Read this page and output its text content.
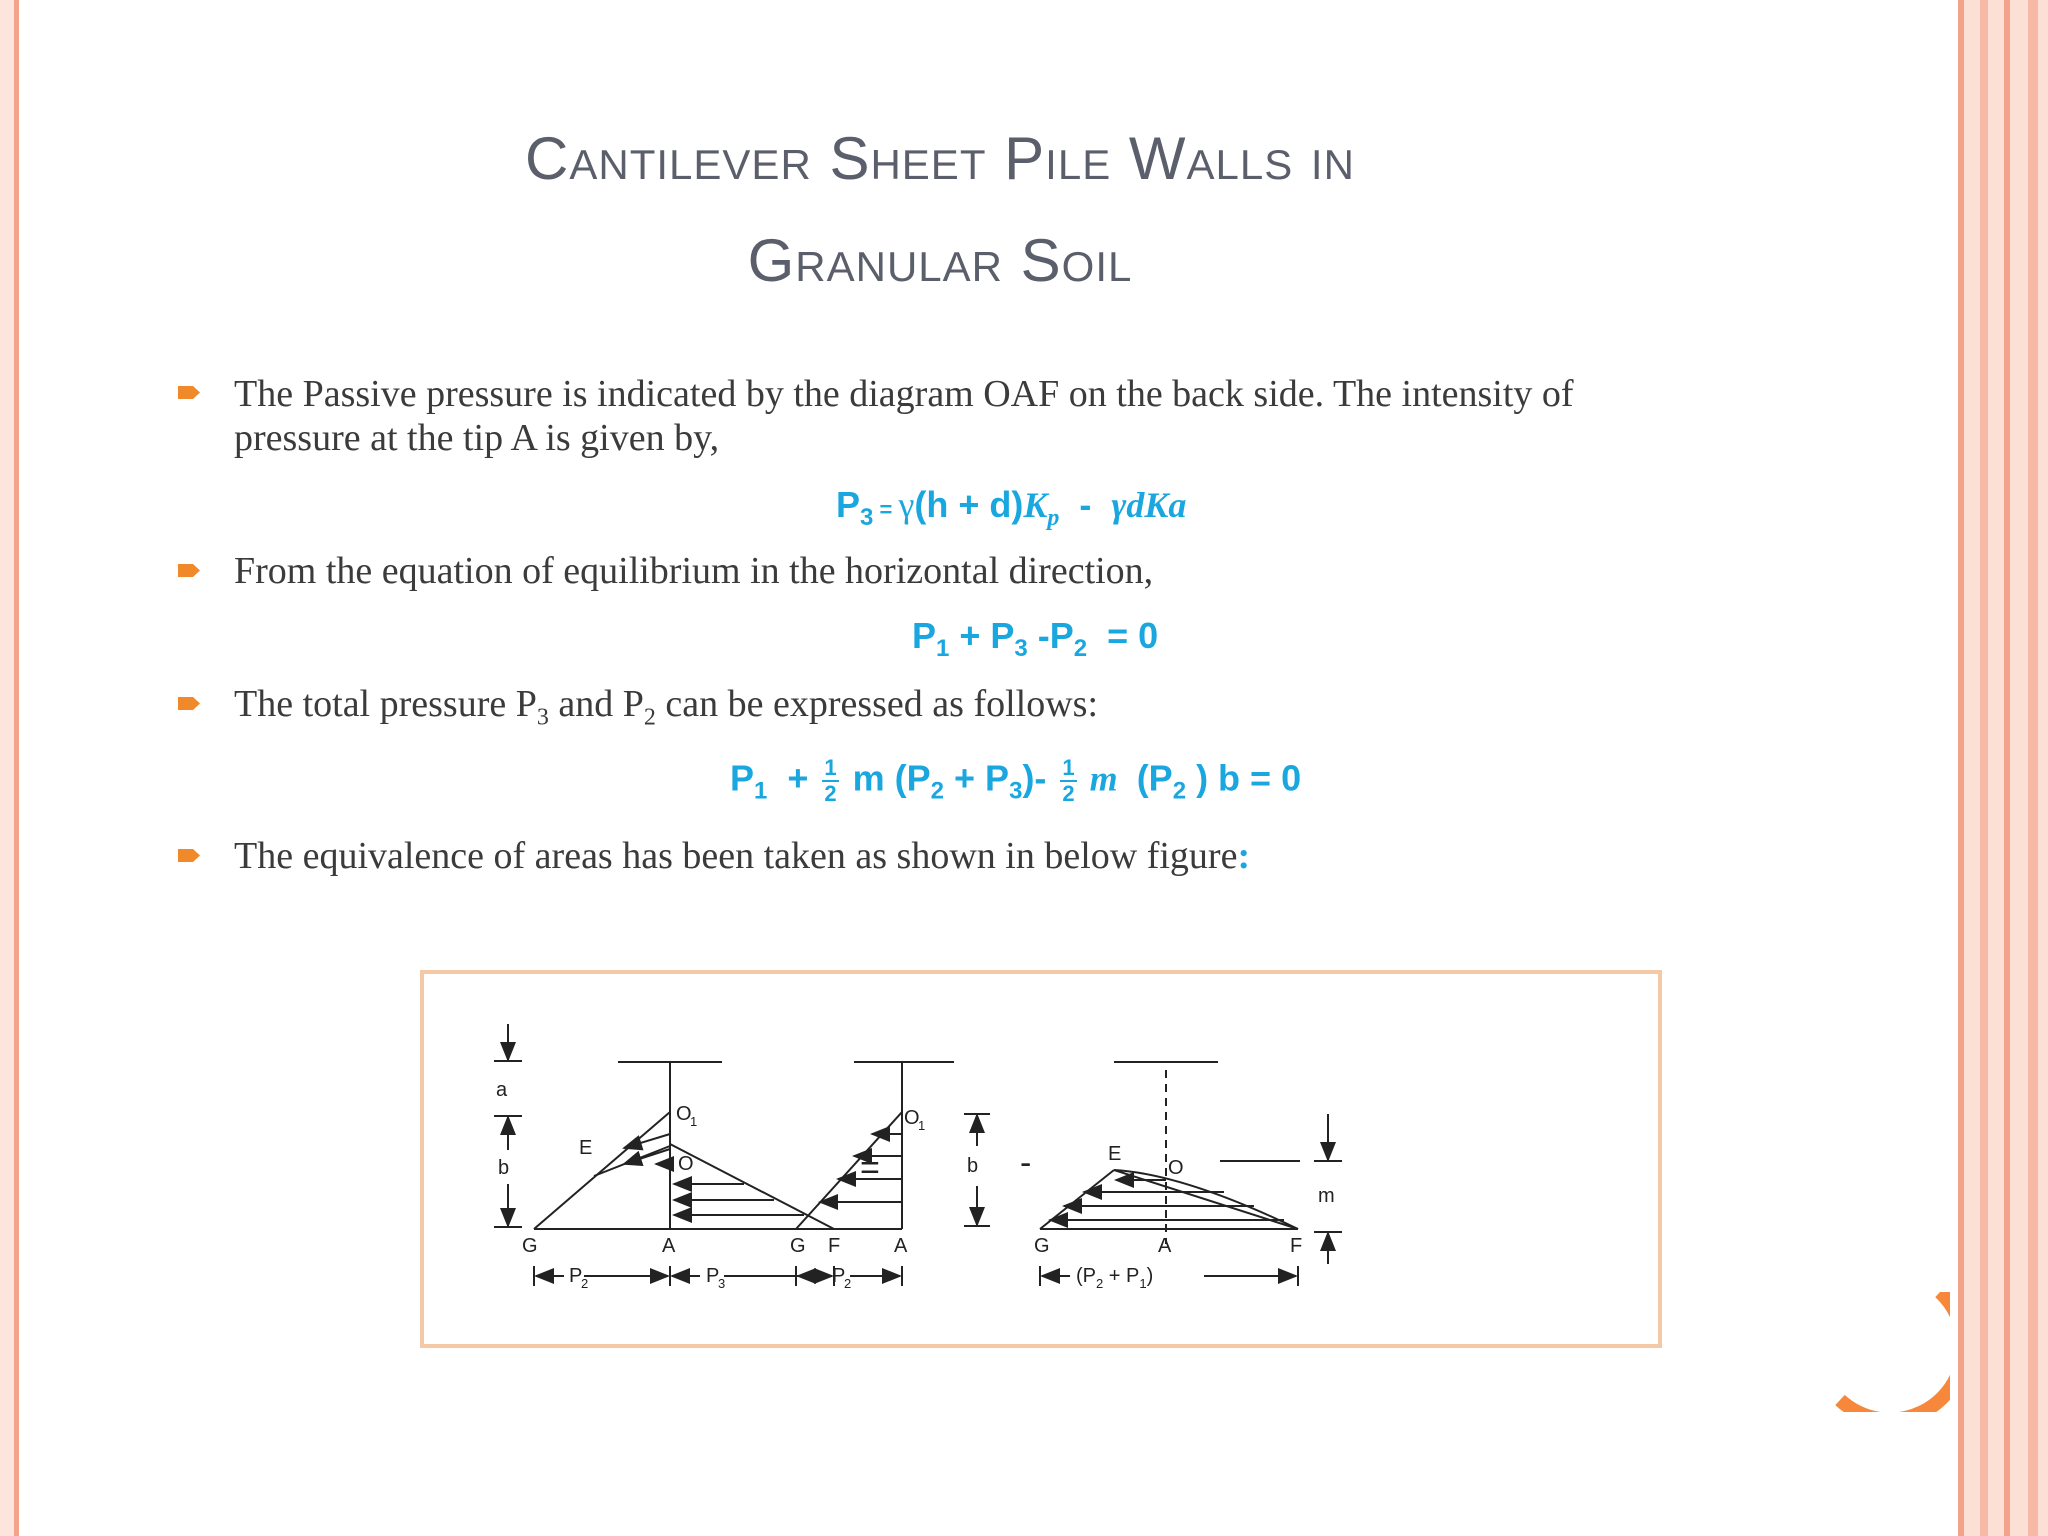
Cantilever Sheet Pile Walls in
Granular Soil
The Passive pressure is indicated by the diagram OAF on the back side. The intensity of
pressure at the tip A is given by,
$P_3 = \gamma(h + d)K_p - \gamma dKa$
From the equation of equilibrium in the horizontal direction,
$P_1 + P_3$ $-P_2 = 0$
The total pressure $P_3$ and $P_2$ can be expressed as follows:
$P_1 + \frac{1}{2}$ m $(P_2 + P_3)- \frac{1}{2}$ m  ($P_2$ ) b = 0
The equivalence of areas has been taken as shown in below figure:
a
b
E
O
1
O
G	A	F
P
2	P
3
=
O
1
G	A
b
P
2
-	E
O
G	A	F
m
$(P_2 + P_1)$
